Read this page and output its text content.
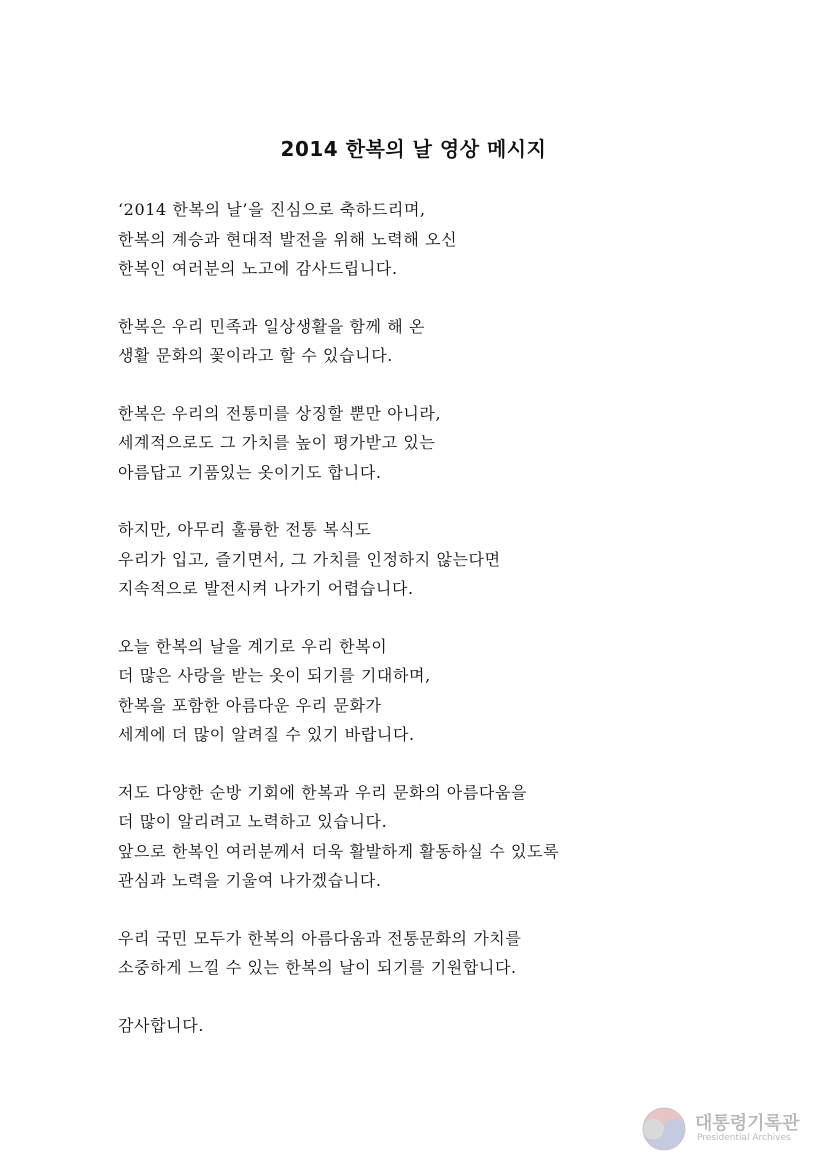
2014 한복의 날 영상 메시지
‘2014 한복의 날’을 진심으로 축하드리며,
한복의 계승과 현대적 발전을 위해 노력해 오신
한복인 여러분의 노고에 감사드립니다.
한복은 우리 민족과 일상생활을 함께 해 온
생활 문화의 꽃이라고 할 수 있습니다.
한복은 우리의 전통미를 상징할 뿐만 아니라,
세계적으로도 그 가치를 높이 평가받고 있는
아름답고 기품있는 옷이기도 합니다.
하지만, 아무리 훌륭한 전통 복식도
우리가 입고, 즐기면서, 그 가치를 인정하지 않는다면
지속적으로 발전시켜 나가기 어렵습니다.
오늘 한복의 날을 계기로 우리 한복이
더 많은 사랑을 받는 옷이 되기를 기대하며,
한복을 포함한 아름다운 우리 문화가
세계에 더 많이 알려질 수 있기 바랍니다.
저도 다양한 순방 기회에 한복과 우리 문화의 아름다움을
더 많이 알리려고 노력하고 있습니다.
앞으로 한복인 여러분께서 더욱 활발하게 활동하실 수 있도록
관심과 노력을 기울여 나가겠습니다.
우리 국민 모두가 한복의 아름다움과 전통문화의 가치를
소중하게 느낄 수 있는 한복의 날이 되기를 기원합니다.
감사합니다.
대통령기록관
Presidential Archives
